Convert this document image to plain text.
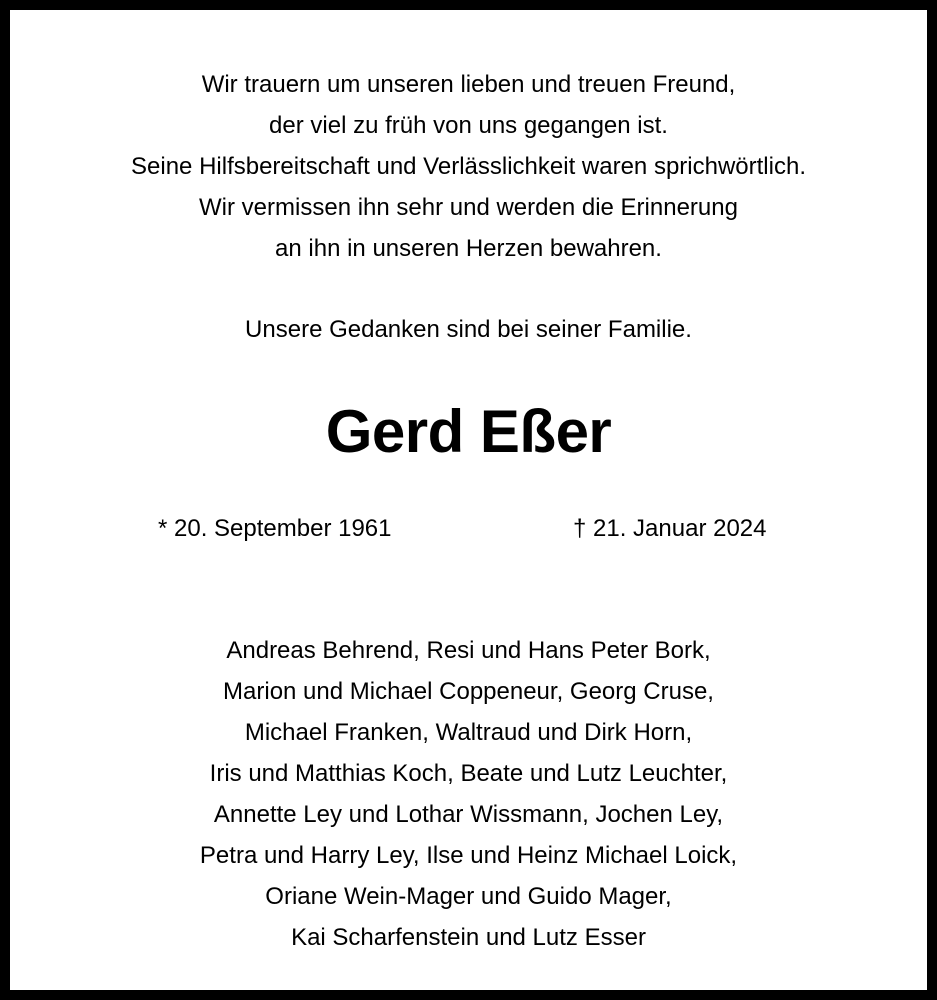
Wir trauern um unseren lieben und treuen Freund,
der viel zu früh von uns gegangen ist.
Seine Hilfsbereitschaft und Verlässlichkeit waren sprichwörtlich.
Wir vermissen ihn sehr und werden die Erinnerung
an ihn in unseren Herzen bewahren.
Unsere Gedanken sind bei seiner Familie.
Gerd Eßer
* 20. September 1961	† 21. Januar 2024
Andreas Behrend, Resi und Hans Peter Bork,
Marion und Michael Coppeneur, Georg Cruse,
Michael Franken, Waltraud und Dirk Horn,
Iris und Matthias Koch, Beate und Lutz Leuchter,
Annette Ley und Lothar Wissmann, Jochen Ley,
Petra und Harry Ley, Ilse und Heinz Michael Loick,
Oriane Wein-Mager und Guido Mager,
Kai Scharfenstein und Lutz Esser
